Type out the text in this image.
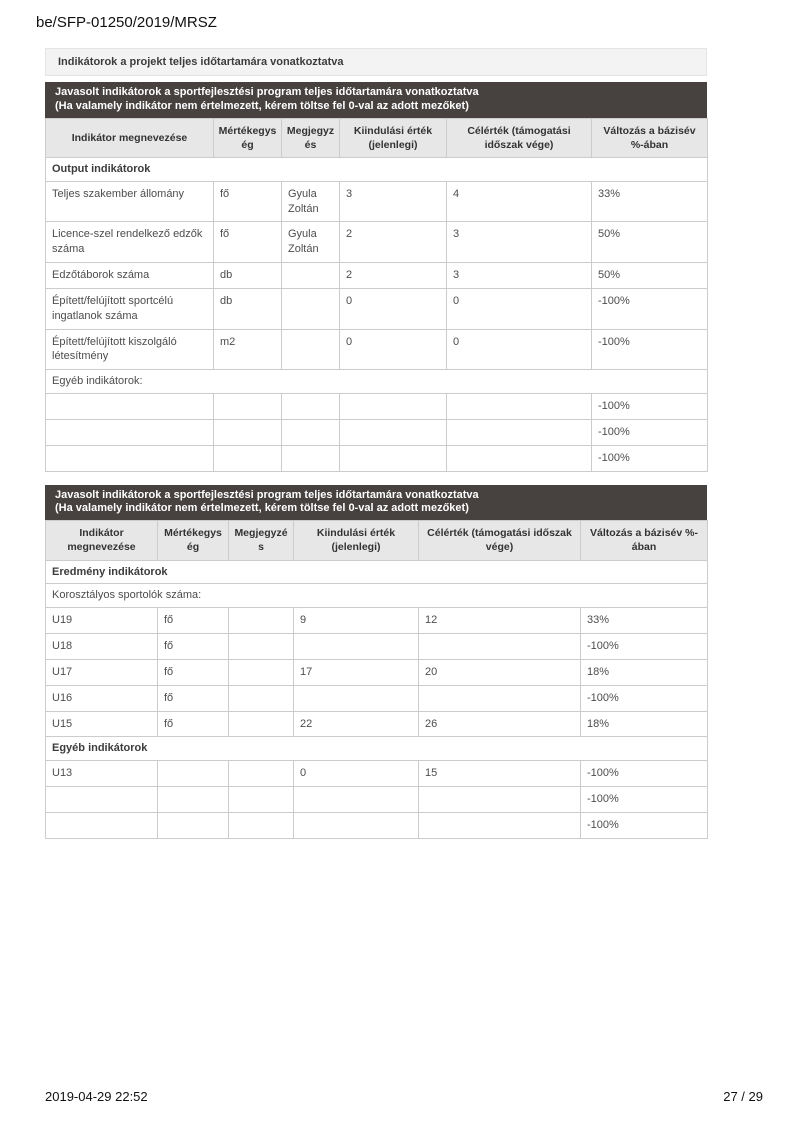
be/SFP-01250/2019/MRSZ
Indikátorok a projekt teljes időtartamára vonatkoztatva
Javasolt indikátorok a sportfejlesztési program teljes időtartamára vonatkoztatva
(Ha valamely indikátor nem értelmezett, kérem töltse fel 0-val az adott mezőket)
Indikátor megnevezése	Mértékegység	Megjegyzés	Kiindulási érték (jelenlegi)	Célérték (támogatási időszak vége)	Változás a bázisév %-ában
Output indikátorok					
Teljes szakember állomány	fő	Gyula Zoltán	3	4	33%
Licence-szel rendelkező edzők száma	fő	Gyula Zoltán	2	3	50%
Edzőtáborok száma	db		2	3	50%
Épített/felújított sportcélú ingatlanok száma	db		0	0	-100%
Épített/felújított kiszolgáló létesítmény	m2		0	0	-100%
Egyéb indikátorok:					
					-100%
					-100%
					-100%
Javasolt indikátorok a sportfejlesztési program teljes időtartamára vonatkoztatva
(Ha valamely indikátor nem értelmezett, kérem töltse fel 0-val az adott mezőket)
Indikátor megnevezése	Mértékegység	Megjegyzés	Kiindulási érték (jelenlegi)	Célérték (támogatási időszak vége)	Változás a bázisév %-ában
Eredmény indikátorok					
Korosztályos sportolók száma:					
U19	fő		9	12	33%
U18	fő				-100%
U17	fő		17	20	18%
U16	fő				-100%
U15	fő		22	26	18%
Egyéb indikátorok					
U13			0	15	-100%
					-100%
					-100%
2019-04-29 22:52	27 / 29
